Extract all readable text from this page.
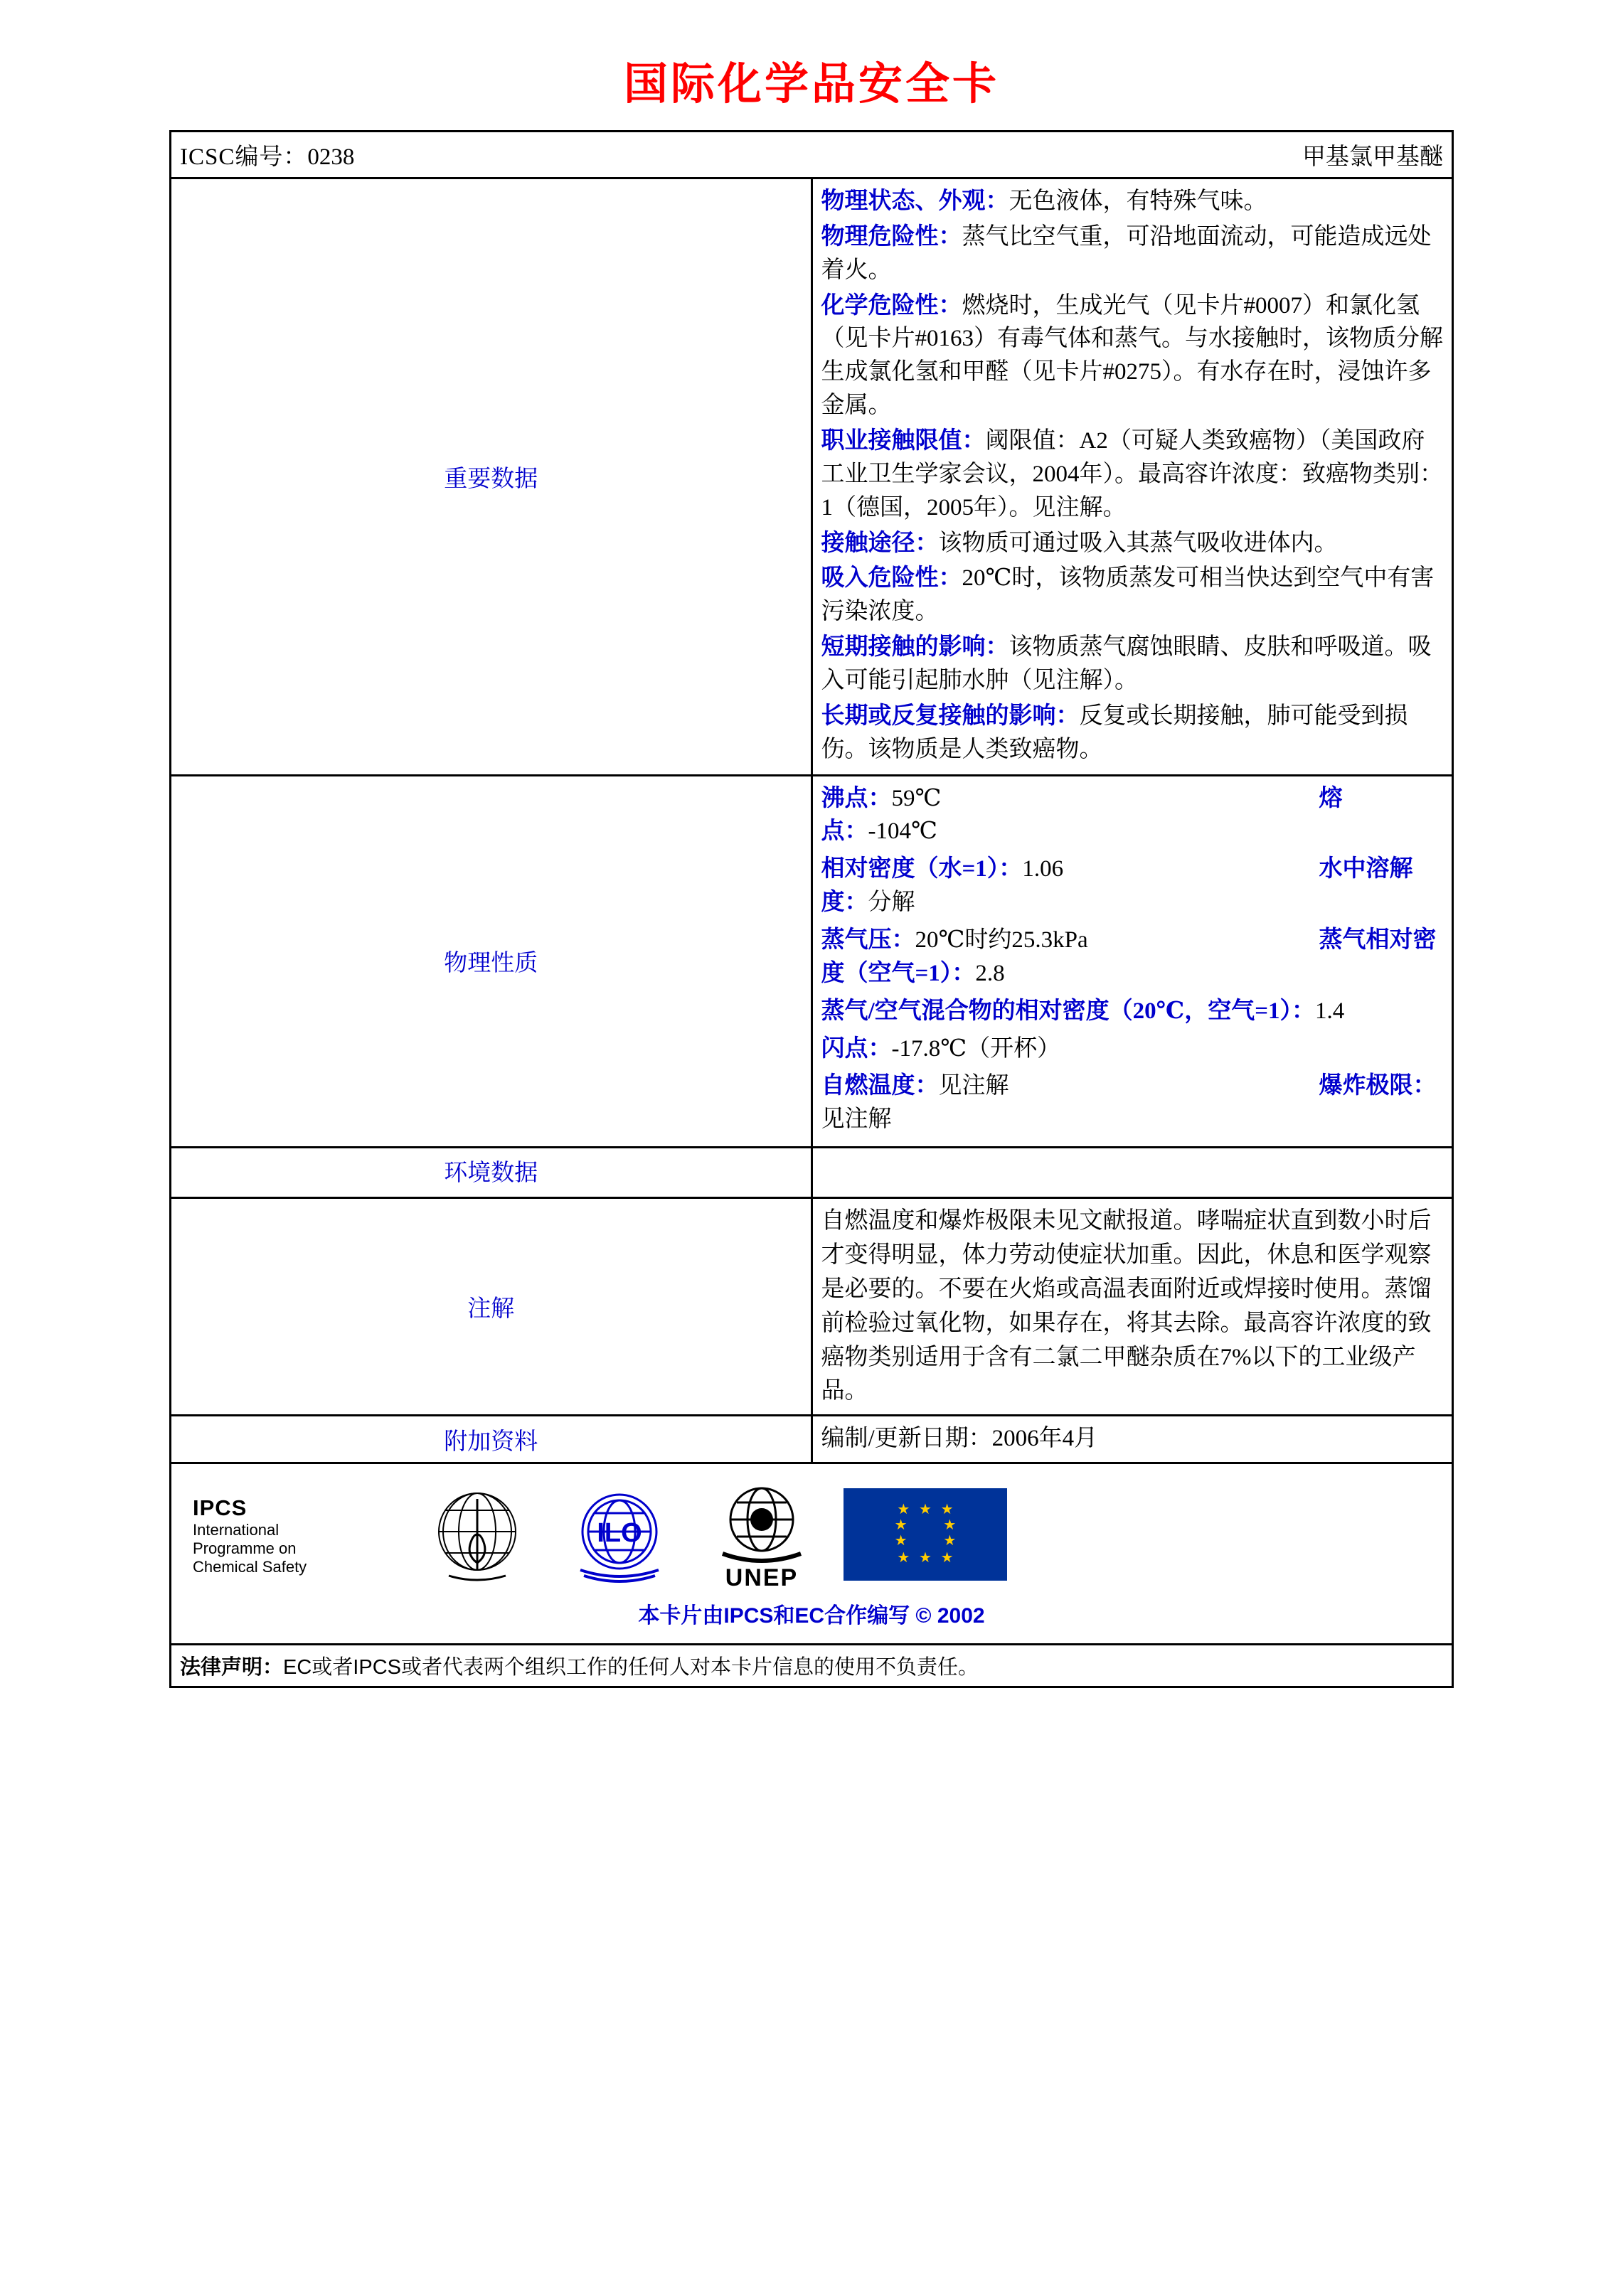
国际化学品安全卡
ICSC编号：0238 甲基氯甲基醚	

重要数据	

物理状态、外观：无色液体，有特殊气味。

物理危险性：蒸气比空气重，可沿地面流动，可能造成远处着火。

化学危险性：燃烧时，生成光气（见卡片#0007）和氯化氢（见卡片#0163）有毒气体和蒸气。与水接触时，该物质分解生成氯化氢和甲醛（见卡片#0275）。有水存在时，浸蚀许多金属。

职业接触限值：阈限值：A2（可疑人类致癌物）（美国政府工业卫生学家会议，2004年）。最高容许浓度：致癌物类别：1（德国，2005年）。见注解。

接触途径：该物质可通过吸入其蒸气吸收进体内。

吸入危险性：20℃时，该物质蒸发可相当快达到空气中有害污染浓度。

短期接触的影响：该物质蒸气腐蚀眼睛、皮肤和呼吸道。吸入可能引起肺水肿（见注解）。

长期或反复接触的影响：反复或长期接触，肺可能受到损伤。该物质是人类致癌物。

物理性质	

沸点：59℃	熔点：-104℃

相对密度（水=1）：1.06	水中溶解度：分解

蒸气压：20℃时约25.3kPa	蒸气相对密度（空气=1）：2.8

蒸气/空气混合物的相对密度（20℃，空气=1）：1.4

闪点：-17.8℃（开杯）

自燃温度：见注解	爆炸极限：见注解

环境数据	
注解	自燃温度和爆炸极限未见文献报道。哮喘症状直到数小时后才变得明显，体力劳动使症状加重。因此，休息和医学观察是必要的。不要在火焰或高温表面附近或焊接时使用。蒸馏前检验过氧化物，如果存在，将其去除。最高容许浓度的致癌物类别适用于含有二氯二甲醚杂质在7%以下的工业级产品。
附加资料	编制/更新日期：2006年4月

IPCS
International
Programme on
Chemical Safety
ILO
UNEP
★  ★  ★
★        ★
★        ★
★  ★  ★
本卡片由IPCS和EC合作编写 © 2002

法律声明：EC或者IPCS或者代表两个组织工作的任何人对本卡片信息的使用不负责任。	
